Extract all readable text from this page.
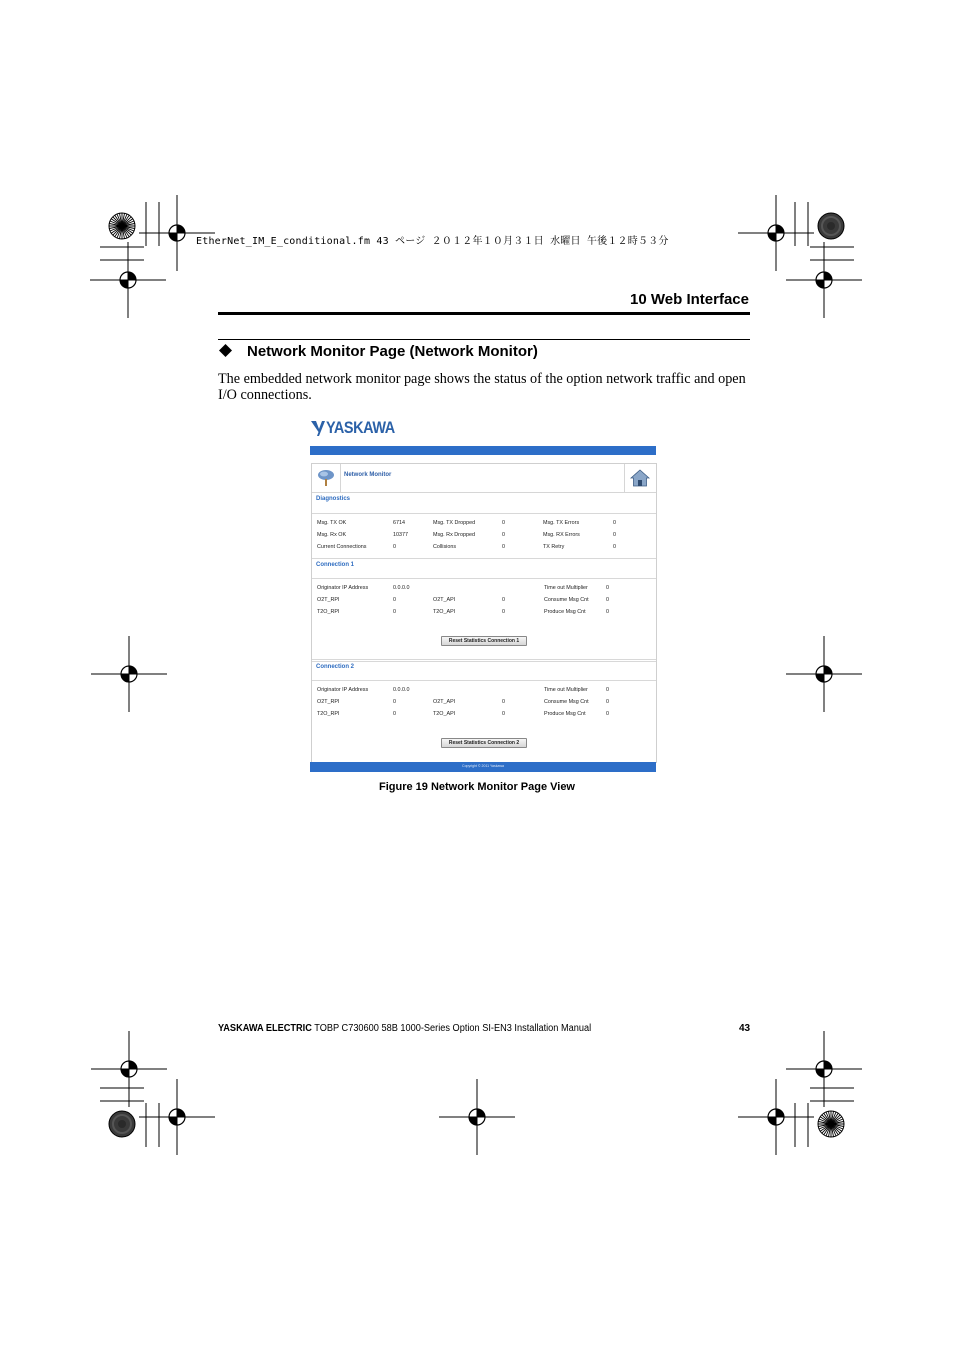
EtherNet_IM_E_conditional.fm 43 ページ ２０１２年１０月３１日 水曜日 午後１２時５３分
10 Web Interface
Network Monitor Page (Network Monitor)
The embedded network monitor page shows the status of the option network traffic and open I/O connections.
YASKAWA
Network Monitor
Diagnostics
Msg. TX OK	6714	Msg. TX Dropped	0	Msg. TX Errors	0
Msg. Rx OK	10377	Msg. Rx Dropped	0	Msg. RX Errors	0
Current Connections	0	Collisions	0	TX Retry	0
Connection 1
Originator IP Address	0.0.0.0	Time out Multiplier	0
O2T_RPI	0	O2T_API	0	Consume Msg Cnt	0
T2O_RPI	0	T2O_API	0	Produce Msg Cnt	0
Reset Statistics Connection 1
Connection 2
Originator IP Address	0.0.0.0	Time out Multiplier	0
O2T_RPI	0	O2T_API	0	Consume Msg Cnt	0
T2O_RPI	0	T2O_API	0	Produce Msg Cnt	0
Reset Statistics Connection 2
Copyright © 2011 Yaskawa
Figure 19 Network Monitor Page View
YASKAWA ELECTRIC TOBP C730600 58B 1000-Series Option SI-EN3 Installation Manual	43
